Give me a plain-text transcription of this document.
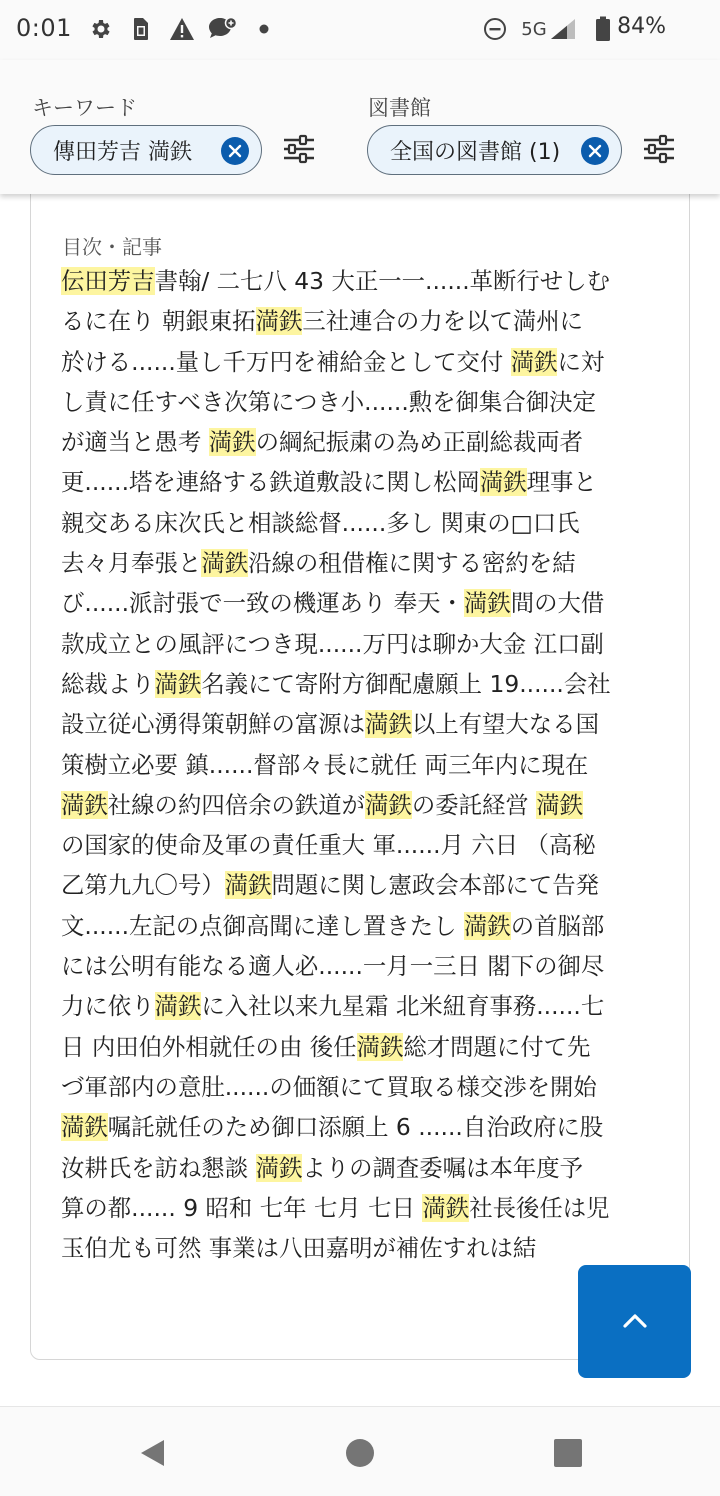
0:01	5G	84%
キーワード
傳田芳吉 満鉄
図書館
全国の図書館 (1)
目次・記事
伝田芳吉書翰/ 二七八 43 大正一一......革断行せしむ
るに在り 朝銀東拓満鉄三社連合の力を以て満州に
於ける......量し千万円を補給金として交付 満鉄に対
し責に任すべき次第につき小......勲を御集合御決定
が適当と愚考 満鉄の綱紀振粛の為め正副総裁両者
更......塔を連絡する鉄道敷設に関し松岡満鉄理事と
親交ある床次氏と相談総督......多し 関東の□口氏
去々月奉張と満鉄沿線の租借権に関する密約を結
び......派討張で一致の機運あり 奉天・満鉄間の大借
款成立との風評につき現......万円は聊か大金 江口副
総裁より満鉄名義にて寄附方御配慮願上 19......会社
設立従心湧得策朝鮮の富源は満鉄以上有望大なる国
策樹立必要 鎮......督部々長に就任 両三年内に現在
満鉄社線の約四倍余の鉄道が満鉄の委託経営 満鉄
の国家的使命及軍の責任重大 軍......月 六日 （高秘
乙第九九〇号）満鉄問題に関し憲政会本部にて告発
文......左記の点御高聞に達し置きたし 満鉄の首脳部
には公明有能なる適人必......一月一三日 閣下の御尽
力に依り満鉄に入社以来九星霜 北米紐育事務......七
日 内田伯外相就任の由 後任満鉄総才問題に付て先
づ軍部内の意肚......の価額にて買取る様交渉を開始
満鉄嘱託就任のため御口添願上 6 ......自治政府に股
汝耕氏を訪ね懇談 満鉄よりの調査委嘱は本年度予
算の都...... 9 昭和 七年 七月 七日 満鉄社長後任は児
玉伯尤も可然 事業は八田嘉明が補佐すれは結
